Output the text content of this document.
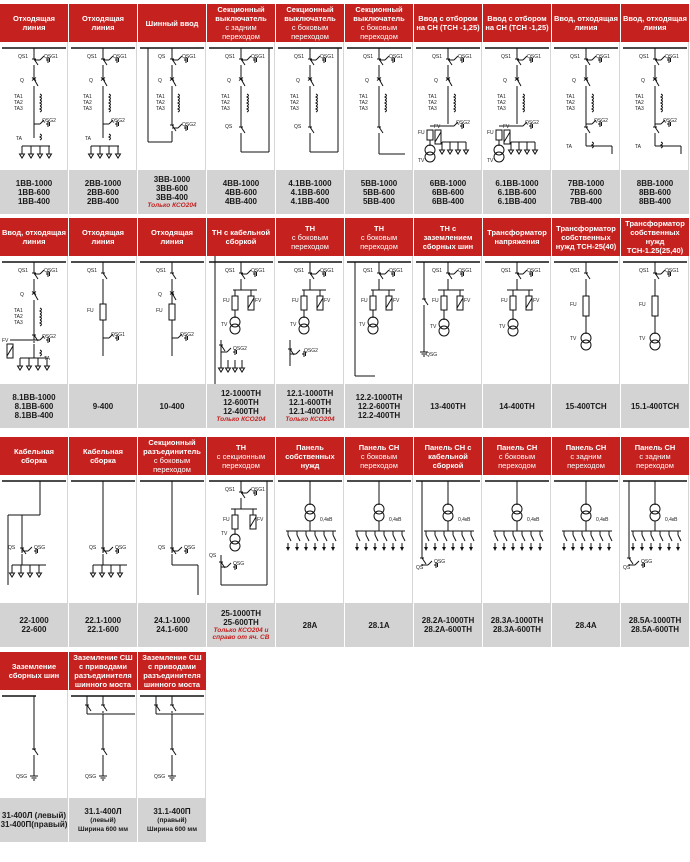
Отходящая линия
QS1	QSG1
Q
TA1
TA2
TA3
QSG2
TA
1BB-1000
1BB-600
1BB-400
Отходящая линия
QS1	QSG1
Q
TA1
TA2
TA3
QSG2
TA
2BB-1000
2BB-600
2BB-400
Шинный ввод
QS	QSG1
Q
TA1
TA2
TA3
QSG2
3BB-1000
3BB-600
3BB-400
Только КСО204
Секционный выключатель
с задним переходом
QS1	QSG1
Q
TA1
TA2
TA3
QS
4BB-1000
4BB-600
4BB-400
Секционный выключатель
с боковым переходом
QS1	QSG1
Q
TA1
TA2
TA3
QS
4.1BB-1000
4.1BB-600
4.1BB-400
Секционный выключатель
с боковым переходом
QS1	QSG1
Q
TA1
TA2
TA3
5BB-1000
5BB-600
5BB-400
Ввод с отбором на СН (ТСН -1,25)
QS1	QSG1
Q
TA1
TA2
TA3
QSG2
FU
TV
FV
6BB-1000
6BB-600
6BB-400
Ввод с отбором на СН (ТСН -1,25)
QS1	QSG1
Q
TA1
TA2
TA3
QSG2
FU
TV
FV
6.1BB-1000
6.1BB-600
6.1BB-400
Ввод, отходящая линия
QS1	QSG1
Q
TA1
TA2
TA3
QSG2
TA
7BB-1000
7BB-600
7BB-400
Ввод, отходящая линия
QS1	QSG1
Q
TA1
TA2
TA3
QSG2
TA
8BB-1000
8BB-600
8BB-400
Ввод, отходящая линия
QS1	QSG1
Q
TA1
TA2
TA3
QSG2
FV
TA
8.1BB-1000
8.1BB-600
8.1BB-400
Отходящая линия
QS1
FU
QSG1
9-400
Отходящая линия
QS1
Q
FU
QSG2
10-400
ТН с кабельной сборкой
QS1	QSG1
FU	FV
TV
QSG2
12-1000TH
12-600TH
12-400TH
Только КСО204
ТН
с боковым переходом
QS1	QSG1
FU	FV
TV
QSG2
12.1-1000TH
12.1-600TH
12.1-400TH
Только КСО204
ТН
с боковым переходом
QS1	QSG1
FU	FV
TV
12.2-1000TH
12.2-600TH
12.2-400TH
ТН с заземлением сборных шин
QSG
QS1	QSG1
FU	FV
TV
13-400TH
Трансформатор напряжения
QS1	QSG1
FU	FV
TV
14-400TH
Трансформатор собственных нужд ТСН-25(40)
QS1
FU
TV
15-400TCH
Трансформатор собственных нужд ТСН-1.25(25,40)
QS1	QSG1
FU
TV
15.1-400TCH
Кабельная сборка
QS	QSG
22-1000
22-600
Кабельная сборка
QS	QSG
22.1-1000
22.1-600
Секционный разъединитель
с боковым переходом
QS	QSG
24.1-1000
24.1-600
ТН
с секционным переходом
QS1	QSG1
FU	FV
TV
QS
QSG
25-1000TH
25-600TH
Только КСО204 и справо от яч. СВ
Панель собственных нужд
0,4кВ
28A
Панель СН
с боковым переходом
0,4кВ
28.1A
Панель СН с кабельной сборкой
QS
QSG
0,4кВ
28.2A-1000TH
28.2A-600TH
Панель СН
с боковым переходом
0,4кВ
28.3A-1000TH
28.3A-600TH
Панель СН
с задним переходом
0,4кВ
28.4A
Панель СН
с задним переходом
QS
QSG
0,4кВ
28.5A-1000TH
28.5A-600TH
Заземление сборных шин
QSG
31-400Л (левый)
31-400П(правый)
Заземление СШ с приводами разъединителя шинного моста
QSG
31.1-400Л
(левый)
Ширина 600 мм
Заземление СШ с приводами разъединителя шинного моста
QSG
31.1-400П
(правый)
Ширина 600 мм
